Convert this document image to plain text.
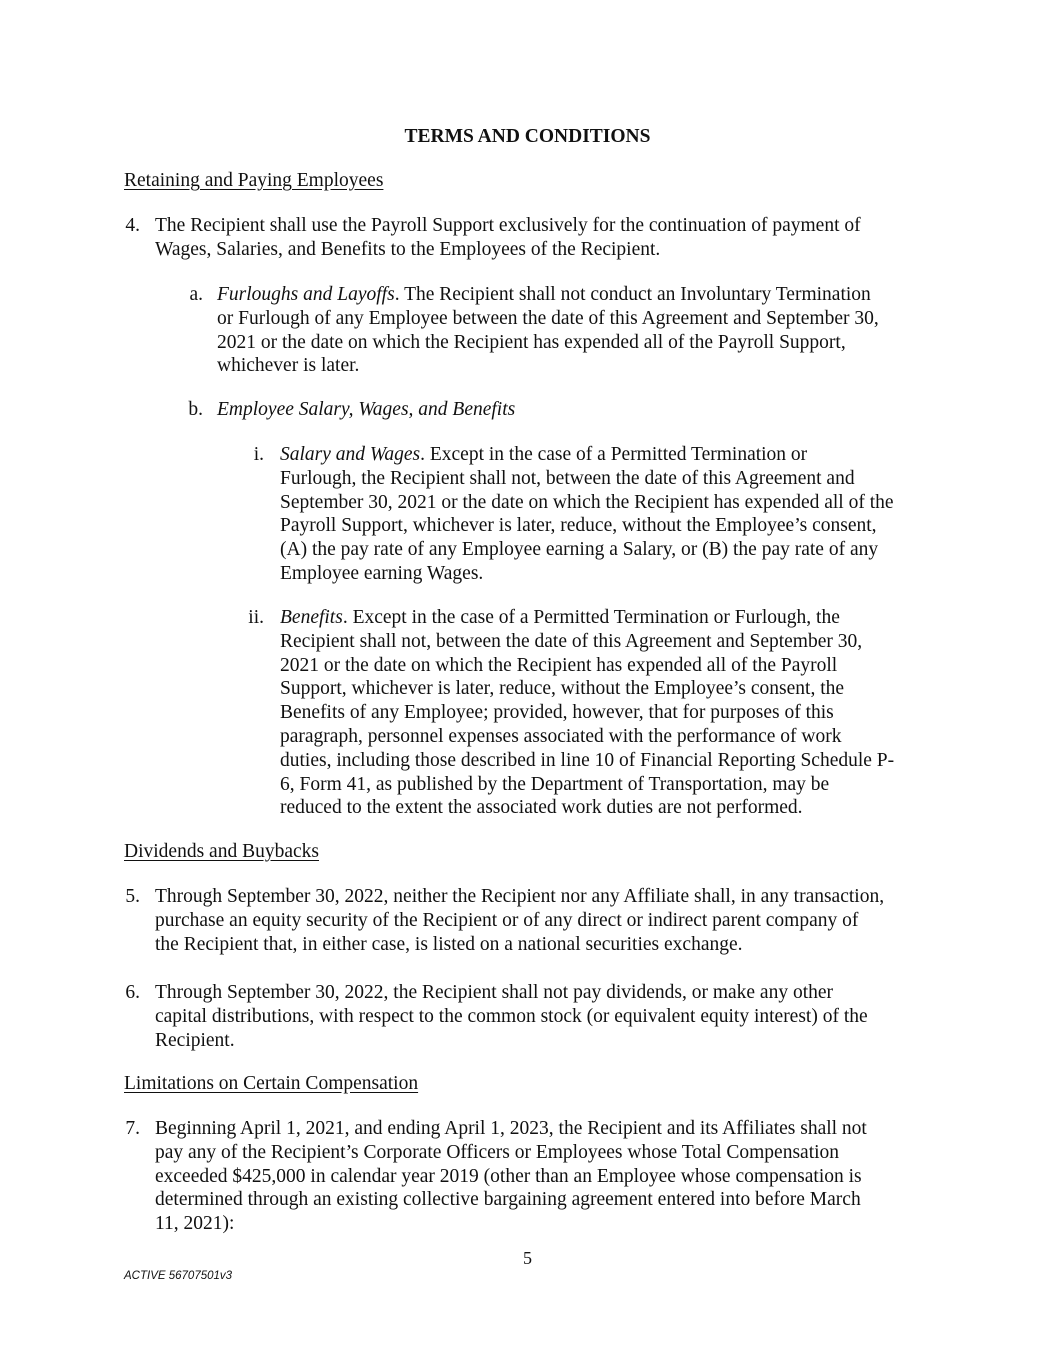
TERMS AND CONDITIONS
Retaining and Paying Employees
4. The Recipient shall use the Payroll Support exclusively for the continuation of payment of

Wages, Salaries, and Benefits to the Employees of the Recipient.

a. Furloughs and Layoffs. The Recipient shall not conduct an Involuntary Termination

or Furlough of any Employee between the date of this Agreement and September 30,

2021 or the date on which the Recipient has expended all of the Payroll Support,

whichever is later.

b. Employee Salary, Wages, and Benefits

i. Salary and Wages. Except in the case of a Permitted Termination or

Furlough, the Recipient shall not, between the date of this Agreement and

September 30, 2021 or the date on which the Recipient has expended all of the

Payroll Support, whichever is later, reduce, without the Employee’s consent,

(A) the pay rate of any Employee earning a Salary, or (B) the pay rate of any

Employee earning Wages.

ii. Benefits. Except in the case of a Permitted Termination or Furlough, the

Recipient shall not, between the date of this Agreement and September 30,

2021 or the date on which the Recipient has expended all of the Payroll

Support, whichever is later, reduce, without the Employee’s consent, the

Benefits of any Employee; provided, however, that for purposes of this

paragraph, personnel expenses associated with the performance of work

duties, including those described in line 10 of Financial Reporting Schedule P-

6, Form 41, as published by the Department of Transportation, may be

reduced to the extent the associated work duties are not performed.

Dividends and Buybacks
5. Through September 30, 2022, neither the Recipient nor any Affiliate shall, in any transaction,

purchase an equity security of the Recipient or of any direct or indirect parent company of

the Recipient that, in either case, is listed on a national securities exchange.

6. Through September 30, 2022, the Recipient shall not pay dividends, or make any other

capital distributions, with respect to the common stock (or equivalent equity interest) of the

Recipient.

Limitations on Certain Compensation
7. Beginning April 1, 2021, and ending April 1, 2023, the Recipient and its Affiliates shall not

pay any of the Recipient’s Corporate Officers or Employees whose Total Compensation

exceeded $425,000 in calendar year 2019 (other than an Employee whose compensation is

determined through an existing collective bargaining agreement entered into before March

11, 2021):

5
ACTIVE 56707501v3
